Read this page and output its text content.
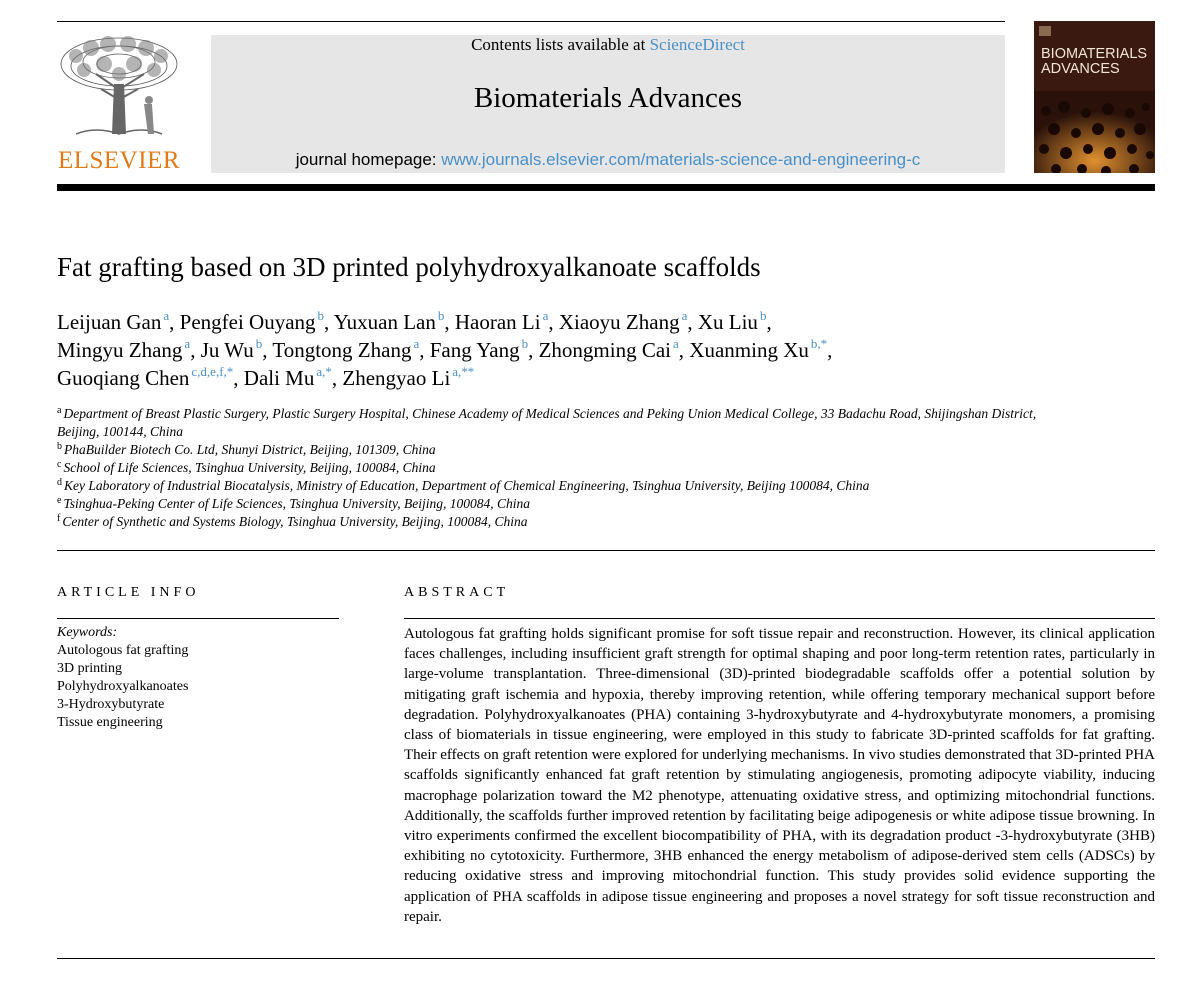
ELSEVIER
Contents lists available at ScienceDirect
Biomaterials Advances
journal homepage: www.journals.elsevier.com/materials-science-and-engineering-c
BIOMATERIALS
ADVANCES
Fat grafting based on 3D printed polyhydroxyalkanoate scaffolds
Leijuan Gan $^a$, Pengfei Ouyang $^b$, Yuxuan Lan $^b$, Haoran Li $^a$, Xiaoyu Zhang $^a$, Xu Liu $^b$,
Mingyu Zhang $^a$, Ju Wu $^b$, Tongtong Zhang $^a$, Fang Yang $^b$, Zhongming Cai $^a$, Xuanming Xu $^{b,*}$,
Guoqiang Chen $^{c,d,e,f,*}$, Dali Mu $^{a,*}$, Zhengyao Li $^{a,**}$
$^a$ Department of Breast Plastic Surgery, Plastic Surgery Hospital, Chinese Academy of Medical Sciences and Peking Union Medical College, 33 Badachu Road, Shijingshan District, Beijing, 100144, China
$^b$ PhaBuilder Biotech Co. Ltd, Shunyi District, Beijing, 101309, China
$^c$ School of Life Sciences, Tsinghua University, Beijing, 100084, China
$^d$ Key Laboratory of Industrial Biocatalysis, Ministry of Education, Department of Chemical Engineering, Tsinghua University, Beijing 100084, China
$^e$ Tsinghua-Peking Center of Life Sciences, Tsinghua University, Beijing, 100084, China
$^f$ Center of Synthetic and Systems Biology, Tsinghua University, Beijing, 100084, China
ARTICLE INFO
Keywords:
Autologous fat grafting
3D printing
Polyhydroxyalkanoates
3-Hydroxybutyrate
Tissue engineering
ABSTRACT
Autologous fat grafting holds significant promise for soft tissue repair and reconstruction. However, its clinical application faces challenges, including insufficient graft strength for optimal shaping and poor long-term retention rates, particularly in large-volume transplantation. Three-dimensional (3D)-printed biodegradable scaffolds offer a potential solution by mitigating graft ischemia and hypoxia, thereby improving retention, while offering temporary mechanical support before degradation. Polyhydroxyalkanoates (PHA) containing 3-hydroxybutyrate and 4-hydroxybutyrate monomers, a promising class of biomaterials in tissue engineering, were employed in this study to fabricate 3D-printed scaffolds for fat grafting. Their effects on graft retention were explored for underlying mechanisms. In vivo studies demonstrated that 3D-printed PHA scaffolds significantly enhanced fat graft retention by stimulating angiogenesis, promoting adipocyte viability, inducing macrophage polarization toward the M2 phenotype, attenuating oxidative stress, and optimizing mitochondrial functions. Additionally, the scaffolds further improved retention by facilitating beige adipogenesis or white adipose tissue browning. In vitro experiments confirmed the excellent biocompatibility of PHA, with its degradation product -3-hydroxybutyrate (3HB) exhibiting no cytotoxicity. Furthermore, 3HB enhanced the energy metabolism of adipose-derived stem cells (ADSCs) by reducing oxidative stress and improving mitochondrial function. This study provides solid evidence supporting the application of PHA scaffolds in adipose tissue engineering and proposes a novel strategy for soft tissue reconstruction and repair.
